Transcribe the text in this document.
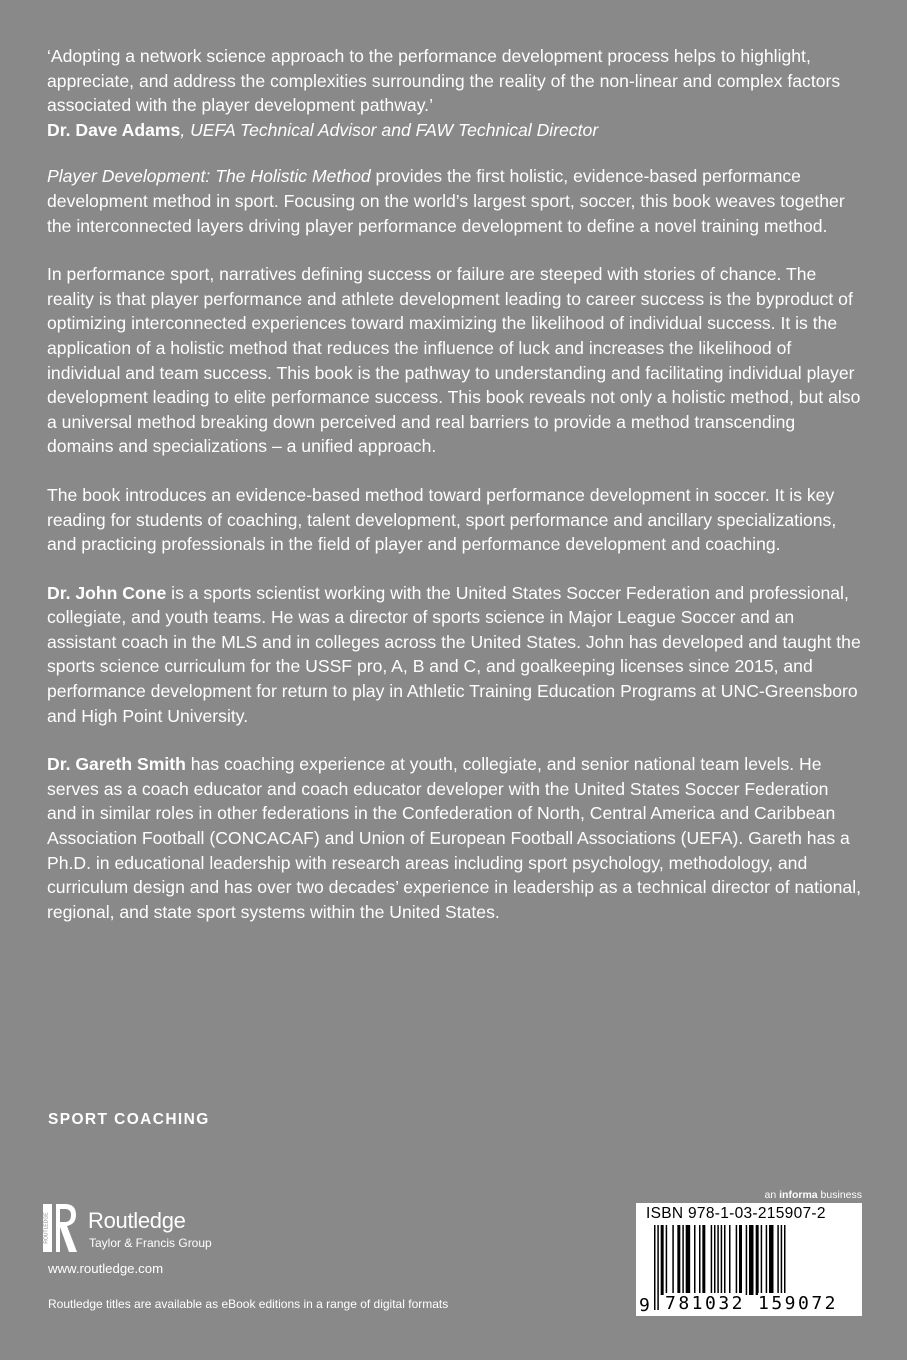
‘Adopting a network science approach to the performance development process helps to highlight, appreciate, and address the complexities surrounding the reality of the non-linear and complex factors associated with the player development pathway.’
Dr. Dave Adams, UEFA Technical Advisor and FAW Technical Director

Player Development: The Holistic Method provides the first holistic, evidence-based performance development method in sport. Focusing on the world’s largest sport, soccer, this book weaves together the interconnected layers driving player performance development to define a novel training method.

In performance sport, narratives defining success or failure are steeped with stories of chance. The reality is that player performance and athlete development leading to career success is the byproduct of optimizing interconnected experiences toward maximizing the likelihood of individual success. It is the application of a holistic method that reduces the influence of luck and increases the likelihood of individual and team success. This book is the pathway to understanding and facilitating individual player development leading to elite performance success. This book reveals not only a holistic method, but also a universal method breaking down perceived and real barriers to provide a method transcending domains and specializations – a unified approach.

The book introduces an evidence-based method toward performance development in soccer. It is key reading for students of coaching, talent development, sport performance and ancillary specializations, and practicing professionals in the field of player and performance development and coaching.

Dr. John Cone is a sports scientist working with the United States Soccer Federation and professional, collegiate, and youth teams. He was a director of sports science in Major League Soccer and an assistant coach in the MLS and in colleges across the United States. John has developed and taught the sports science curriculum for the USSF pro, A, B and C, and goalkeeping licenses since 2015, and performance development for return to play in Athletic Training Education Programs at UNC-Greensboro and High Point University.

Dr. Gareth Smith has coaching experience at youth, collegiate, and senior national team levels. He serves as a coach educator and coach educator developer with the United States Soccer Federation and in similar roles in other federations in the Confederation of North, Central America and Caribbean Association Football (CONCACAF) and Union of European Football Associations (UEFA). Gareth has a Ph.D. in educational leadership with research areas including sport psychology, methodology, and curriculum design and has over two decades’ experience in leadership as a technical director of national, regional, and state sport systems within the United States.

SPORT COACHING
ROUTLEDGE Routledge
Taylor & Francis Group
www.routledge.com
Routledge titles are available as eBook editions in a range of digital formats
an informa business
ISBN 978-1-03-215907-2
9 781032 159072
